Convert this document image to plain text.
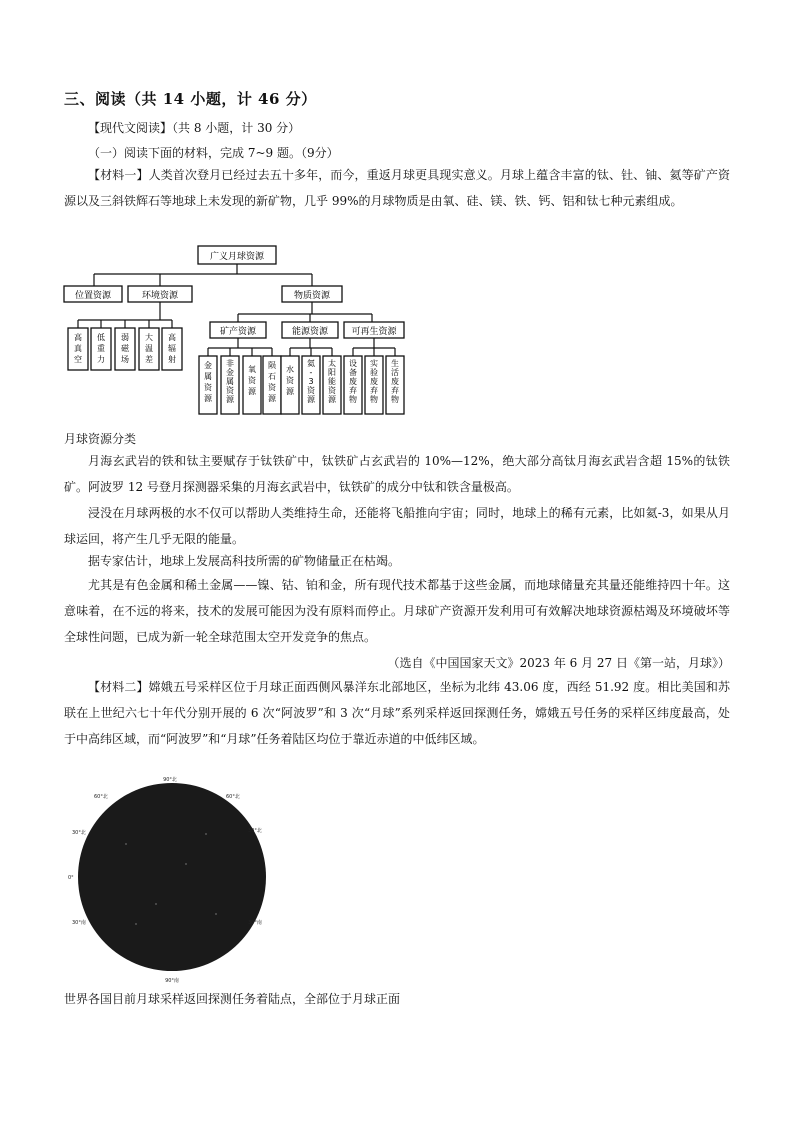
三、阅读（共 14 小题，计 46 分）
【现代文阅读】（共 8 小题，计 30 分）
（一）阅读下面的材料，完成 7~9 题。（9分）
【材料一】人类首次登月已经过去五十多年，而今，重返月球更具现实意义。月球上蕴含丰富的钛、钍、铀、氦等矿产资源以及三斜铁辉石等地球上未发现的新矿物，几乎 99%的月球物质是由氧、硅、镁、铁、钙、铝和钛七种元素组成。
广义月球资源
位置资源	环境资源	物质资源
高真空
低重力
弱磁场
大温差
高辐射
矿产资源	能源资源	可再生资源
金属资源
非金属资源
氧资源
陨石资源
水资源
氦-3 资源
太阳能资源
设备废弃物
实验废弃物
生活废弃物
月球资源分类
月海玄武岩的铁和钛主要赋存于钛铁矿中，钛铁矿占玄武岩的 10%—12%，绝大部分高钛月海玄武岩含超 15%的钛铁矿。阿波罗 12 号登月探测器采集的月海玄武岩中，钛铁矿的成分中钛和铁含量极高。
浸没在月球两极的水不仅可以帮助人类维持生命，还能将飞船推向宇宙；同时，地球上的稀有元素，比如氦-3，如果从月球运回，将产生几乎无限的能量。
据专家估计，地球上发展高科技所需的矿物储量正在枯竭。
尤其是有色金属和稀土金属——镍、钴、铂和金，所有现代技术都基于这些金属，而地球储量充其量还能维持四十年。这意味着，在不远的将来，技术的发展可能因为没有原料而停止。月球矿产资源开发利用可有效解决地球资源枯竭及环境破坏等全球性问题，已成为新一轮全球范围太空开发竞争的焦点。
（选自《中国国家天文》2023 年 6 月 27 日《第一站，月球》）
【材料二】嫦娥五号采样区位于月球正面西侧风暴洋东北部地区，坐标为北纬 43.06 度，西经 51.92 度。相比美国和苏联在上世纪六七十年代分别开展的 6 次“阿波罗”和 3 次“月球”系列采样返回探测任务，嫦娥五号任务的采样区纬度最高，处于中高纬区域，而“阿波罗”和“月球”任务着陆区均位于靠近赤道的中低纬区域。
90°北
90°南
0°
30°北
30°南
30°北
30°南
60°北	60°北
世界各国目前月球采样返回探测任务着陆点，全部位于月球正面
